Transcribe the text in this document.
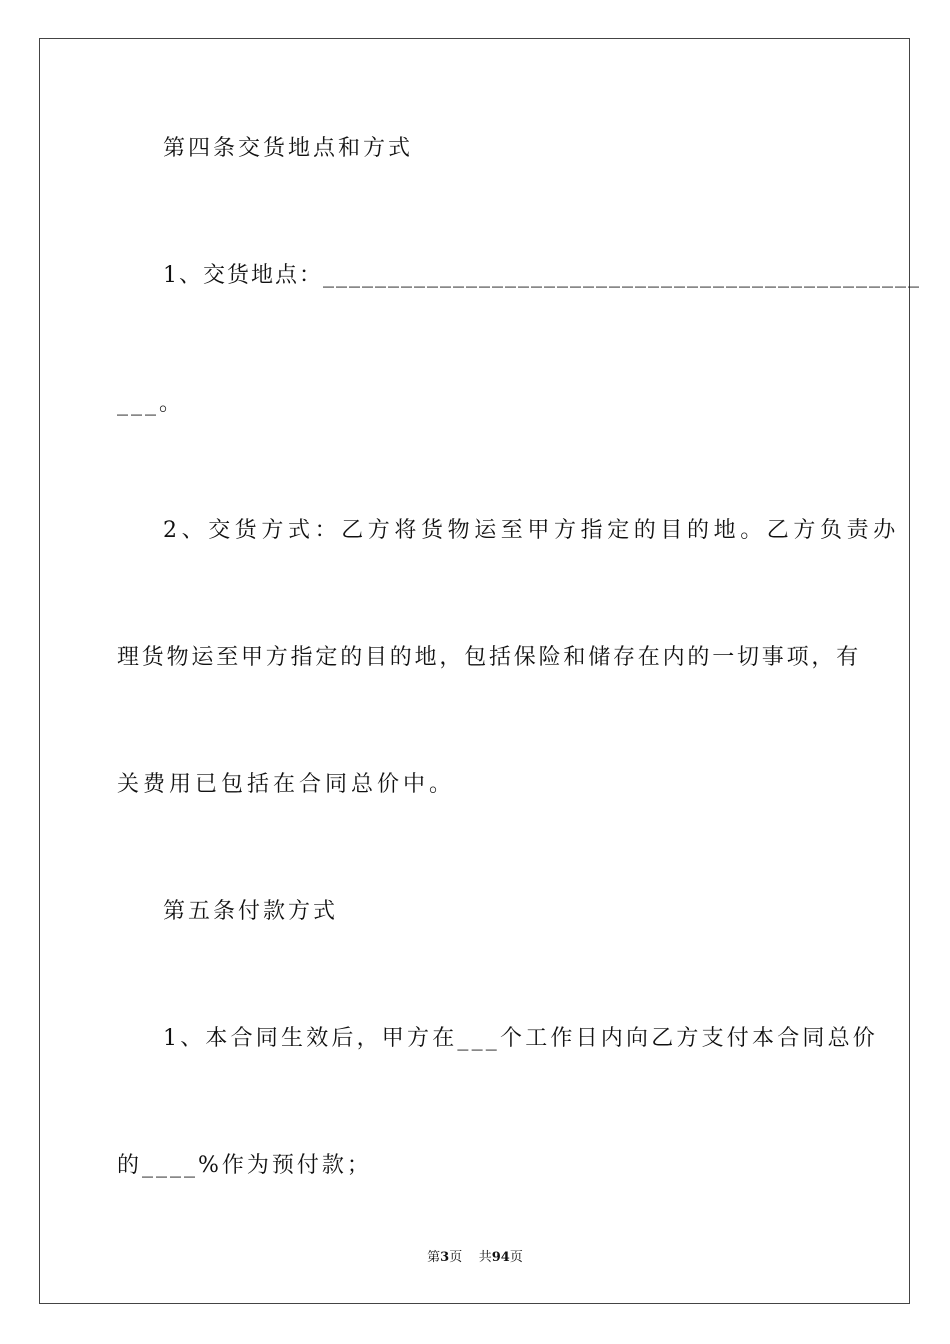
第四条交货地点和方式
1、交货地点：______________________________________________
___。
2、交货方式：乙方将货物运至甲方指定的目的地。乙方负责办
理货物运至甲方指定的目的地，包括保险和储存在内的一切事项，有
关费用已包括在合同总价中。
第五条付款方式
1、本合同生效后，甲方在___个工作日内向乙方支付本合同总价
的____%作为预付款；
第3页 共94页
